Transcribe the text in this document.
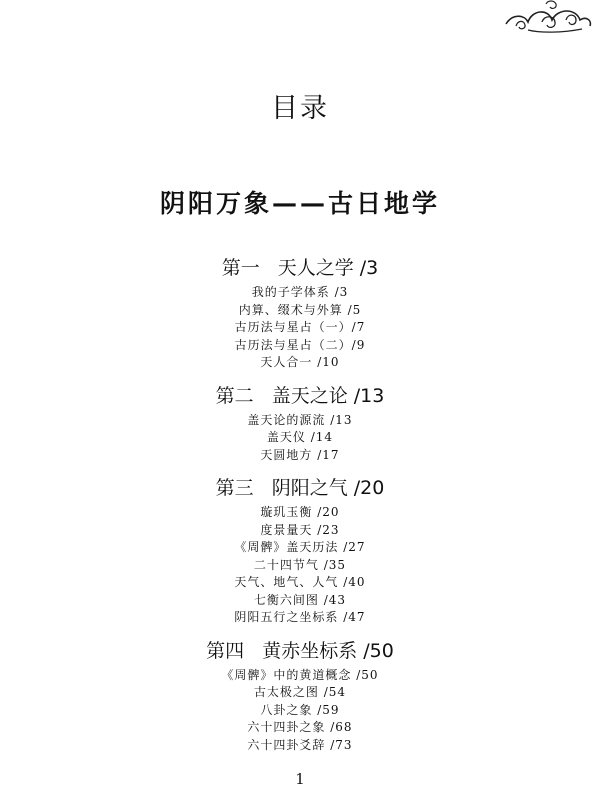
目录
阴阳万象——古日地学
第一 天人之学 /3
我的子学体系 /3
内算、缀术与外算 /5
古历法与星占（一）/7
古历法与星占（二）/9
天人合一 /10
第二 盖天之论 /13
盖天论的源流 /13
盖天仪 /14
天圆地方 /17
第三 阴阳之气 /20
璇玑玉衡 /20
度景量天 /23
《周髀》盖天历法 /27
二十四节气 /35
天气、地气、人气 /40
七衡六间图 /43
阴阳五行之坐标系 /47
第四 黄赤坐标系 /50
《周髀》中的黄道概念 /50
古太极之图 /54
八卦之象 /59
六十四卦之象 /68
六十四卦爻辞 /73
1
